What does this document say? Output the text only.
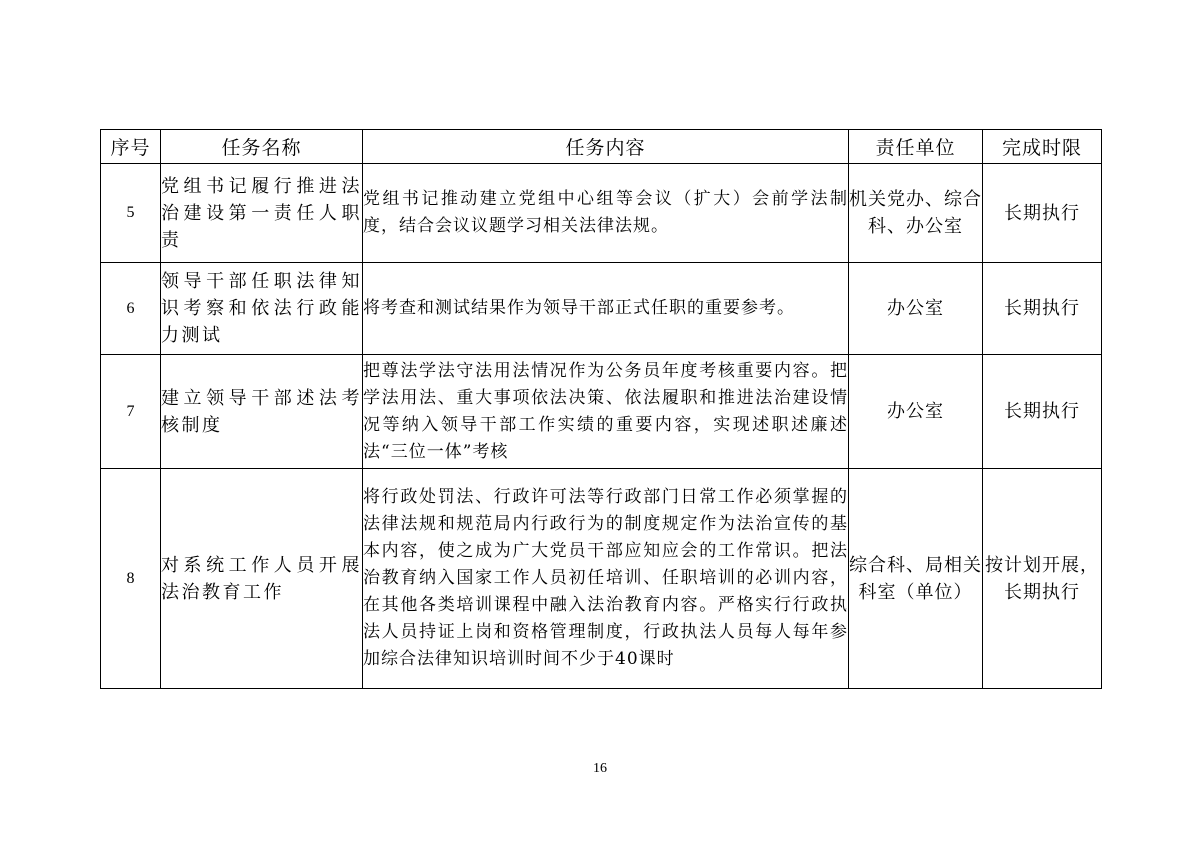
序号	任务名称	任务内容	责任单位	完成时限
5	党组书记履行推进法治建设第一责任人职责	党组书记推动建立党组中心组等会议（扩大）会前学法制度，结合会议议题学习相关法律法规。	机关党办、综合科、办公室	长期执行
6	领导干部任职法律知识考察和依法行政能力测试	将考查和测试结果作为领导干部正式任职的重要参考。	办公室	长期执行
7	建立领导干部述法考核制度	把尊法学法守法用法情况作为公务员年度考核重要内容。把学法用法、重大事项依法决策、依法履职和推进法治建设情况等纳入领导干部工作实绩的重要内容，实现述职述廉述法“三位一体”考核	办公室	长期执行
8	对系统工作人员开展法治教育工作	将行政处罚法、行政许可法等行政部门日常工作必须掌握的法律法规和规范局内行政行为的制度规定作为法治宣传的基本内容，使之成为广大党员干部应知应会的工作常识。把法治教育纳入国家工作人员初任培训、任职培训的必训内容，在其他各类培训课程中融入法治教育内容。严格实行行政执法人员持证上岗和资格管理制度，行政执法人员每人每年参加综合法律知识培训时间不少于40课时	综合科、局相关科室（单位）	按计划开展，长期执行
16
